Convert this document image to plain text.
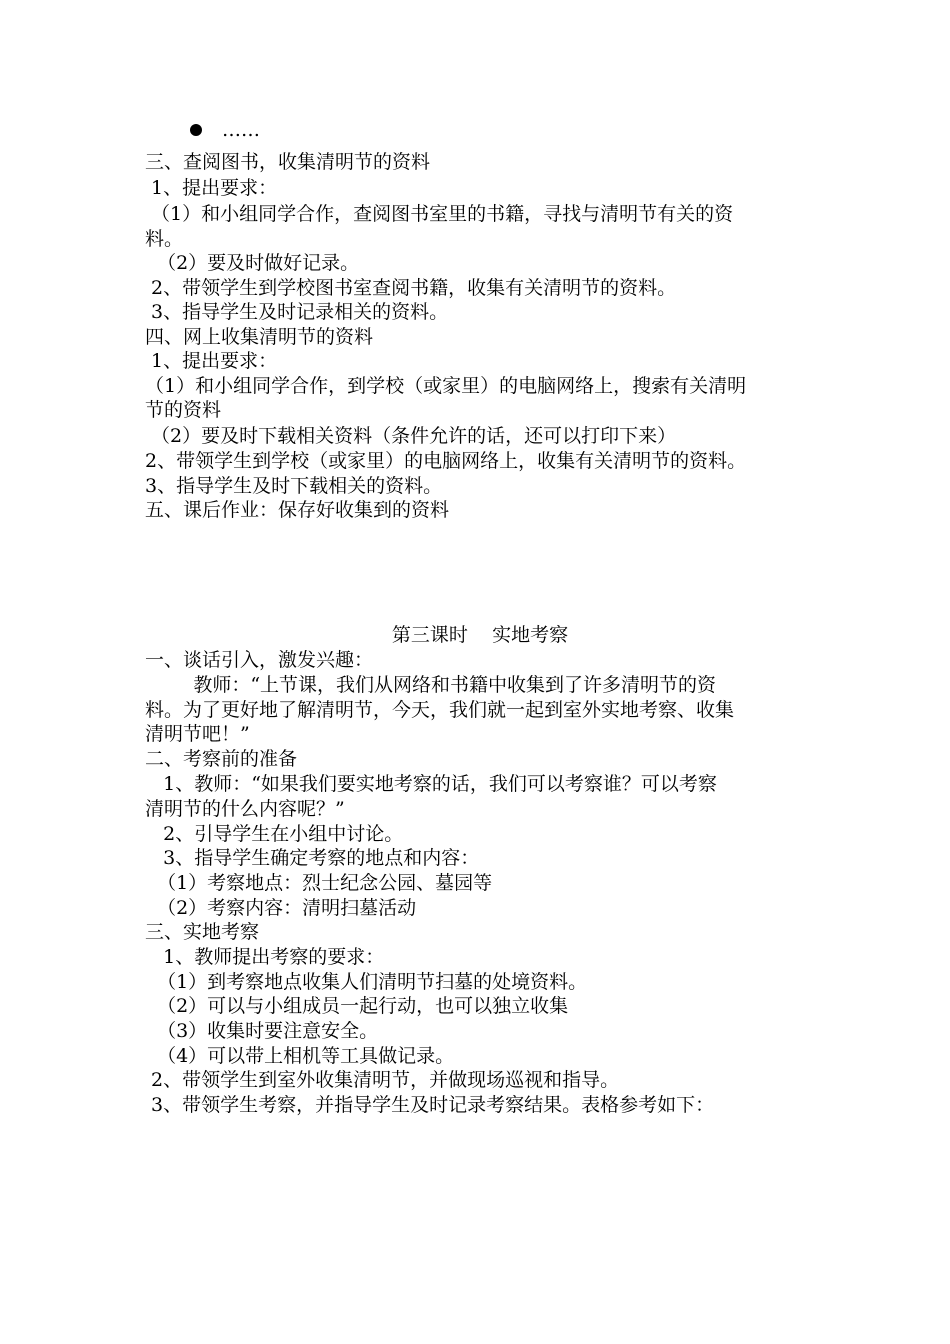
……
三、查阅图书，收集清明节的资料
1、提出要求：
（1）和小组同学合作，查阅图书室里的书籍，寻找与清明节有关的资
料。
（2）要及时做好记录。
2、带领学生到学校图书室查阅书籍，收集有关清明节的资料。
3、指导学生及时记录相关的资料。
四、网上收集清明节的资料
1、提出要求：
（1）和小组同学合作，到学校（或家里）的电脑网络上，搜索有关清明
节的资料
（2）要及时下载相关资料（条件允许的话，还可以打印下来）
2、带领学生到学校（或家里）的电脑网络上，收集有关清明节的资料。
3、指导学生及时下载相关的资料。
五、课后作业：保存好收集到的资料
第三课时    实地考察
一、谈话引入，激发兴趣：
教师：“上节课，我们从网络和书籍中收集到了许多清明节的资
料。为了更好地了解清明节，今天，我们就一起到室外实地考察、收集
清明节吧！”
二、考察前的准备
1、教师：“如果我们要实地考察的话，我们可以考察谁？可以考察
清明节的什么内容呢？”
2、引导学生在小组中讨论。
3、指导学生确定考察的地点和内容：
（1）考察地点：烈士纪念公园、墓园等
（2）考察内容：清明扫墓活动
三、实地考察
1、教师提出考察的要求：
（1）到考察地点收集人们清明节扫墓的处境资料。
（2）可以与小组成员一起行动，也可以独立收集
（3）收集时要注意安全。
（4）可以带上相机等工具做记录。
2、带领学生到室外收集清明节，并做现场巡视和指导。
3、带领学生考察，并指导学生及时记录考察结果。表格参考如下：
